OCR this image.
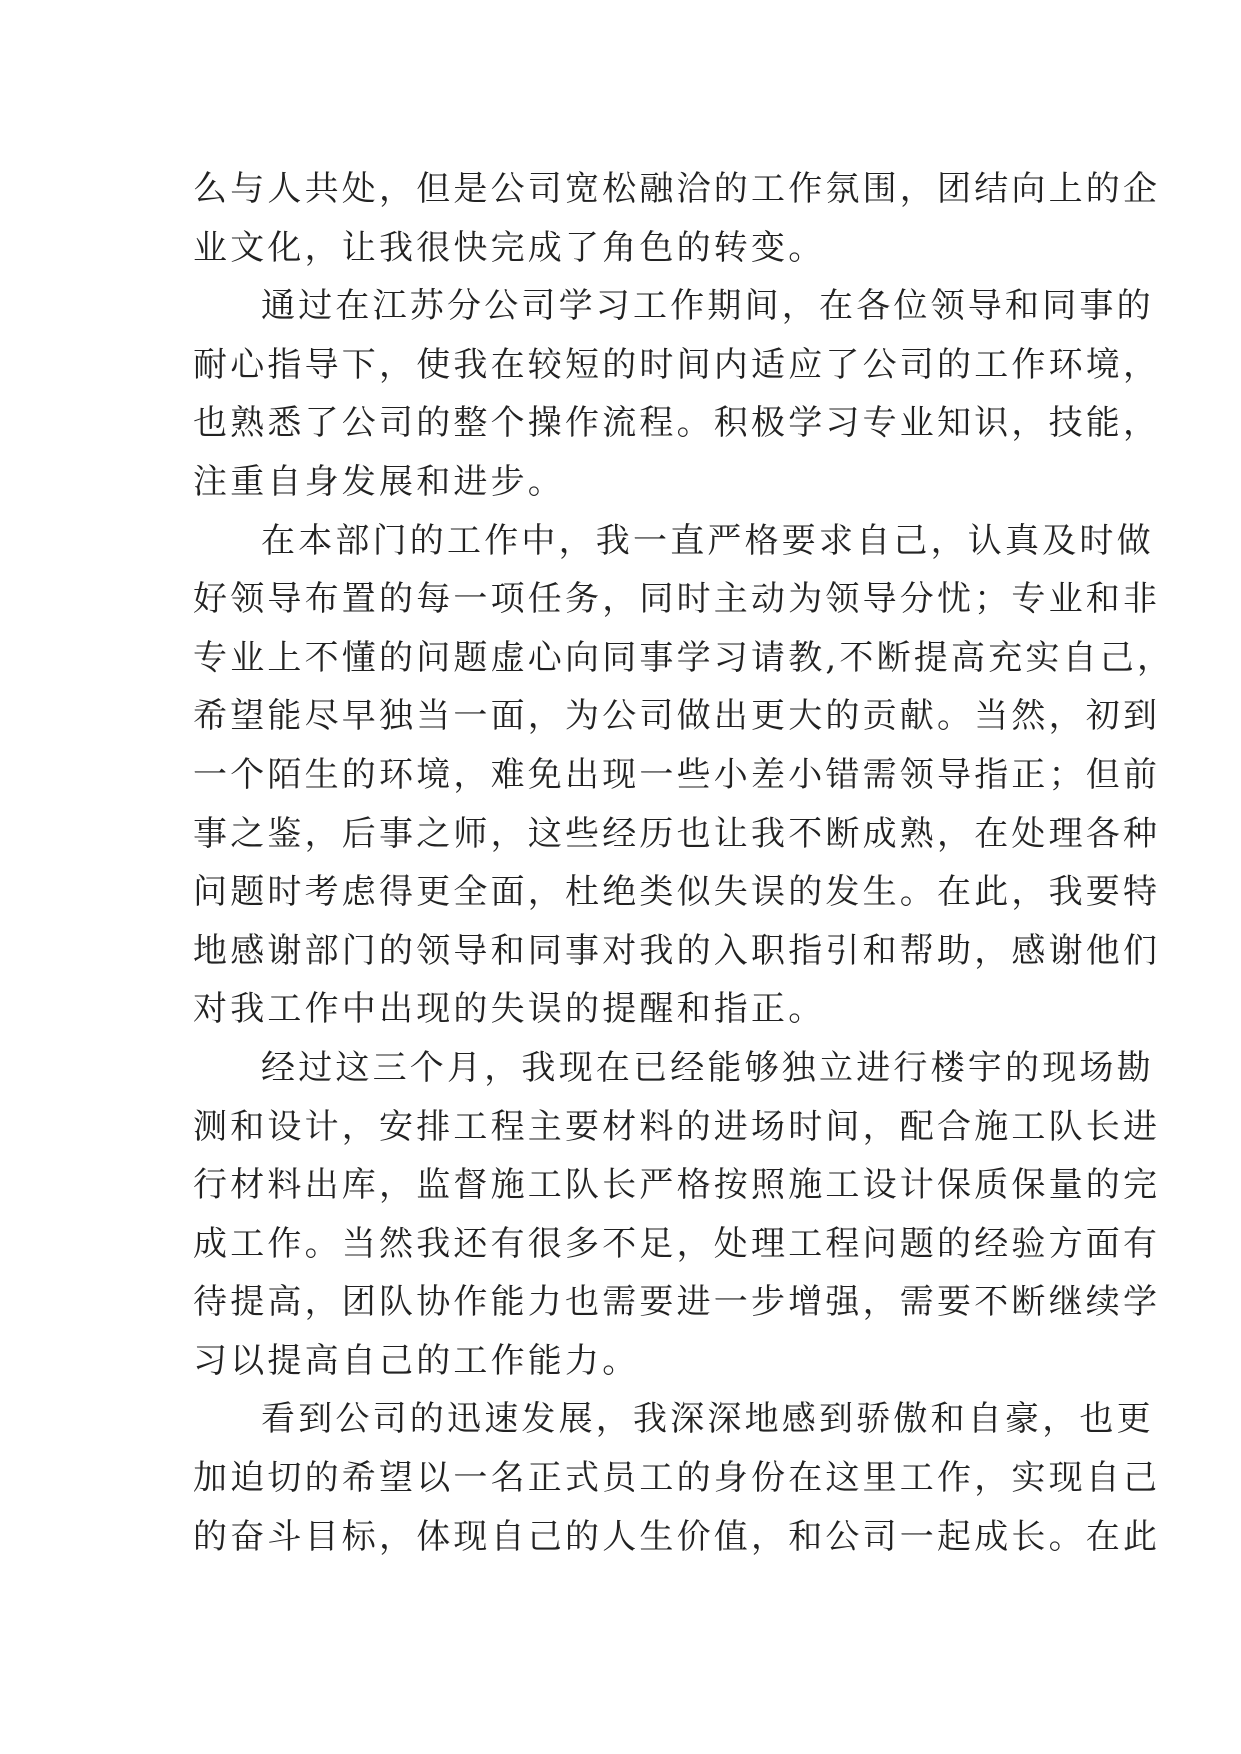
么与人共处，但是公司宽松融洽的工作氛围，团结向上的企
业文化，让我很快完成了角色的转变。
通过在江苏分公司学习工作期间，在各位领导和同事的
耐心指导下，使我在较短的时间内适应了公司的工作环境，
也熟悉了公司的整个操作流程。积极学习专业知识，技能，
注重自身发展和进步。
在本部门的工作中，我一直严格要求自己，认真及时做
好领导布置的每一项任务，同时主动为领导分忧；专业和非
专业上不懂的问题虚心向同事学习请教,不断提高充实自己，
希望能尽早独当一面，为公司做出更大的贡献。当然，初到
一个陌生的环境，难免出现一些小差小错需领导指正；但前
事之鉴，后事之师，这些经历也让我不断成熟，在处理各种
问题时考虑得更全面，杜绝类似失误的发生。在此，我要特
地感谢部门的领导和同事对我的入职指引和帮助，感谢他们
对我工作中出现的失误的提醒和指正。
经过这三个月，我现在已经能够独立进行楼宇的现场勘
测和设计，安排工程主要材料的进场时间，配合施工队长进
行材料出库，监督施工队长严格按照施工设计保质保量的完
成工作。当然我还有很多不足，处理工程问题的经验方面有
待提高，团队协作能力也需要进一步增强，需要不断继续学
习以提高自己的工作能力。
看到公司的迅速发展，我深深地感到骄傲和自豪，也更
加迫切的希望以一名正式员工的身份在这里工作，实现自己
的奋斗目标，体现自己的人生价值，和公司一起成长。在此
